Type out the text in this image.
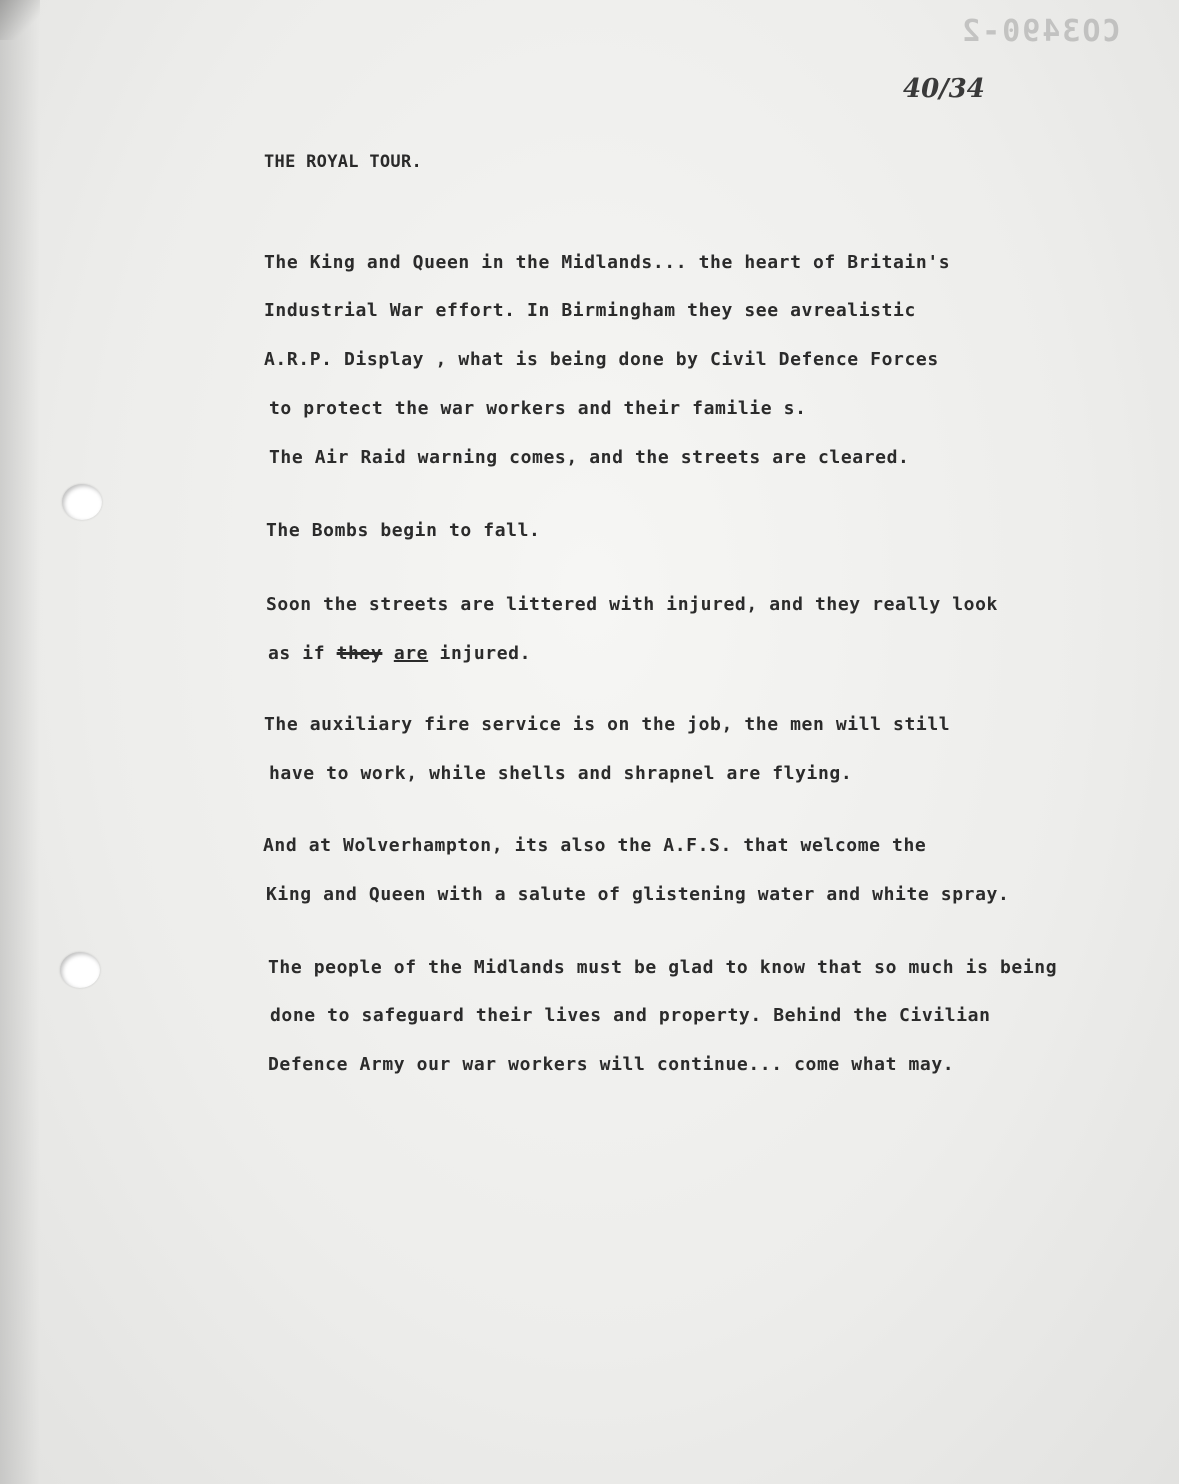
CO3490-2
40/34
THE ROYAL TOUR.
The King and Queen in the Midlands... the heart of Britain's
Industrial War effort. In Birmingham they see avrealistic
A.R.P. Display , what is being done by Civil Defence Forces
to protect the war workers and their familie s.
The Air Raid warning comes, and the streets are cleared.
The Bombs begin to fall.
Soon the streets are littered with injured, and they really look
as if they are injured.
The auxiliary fire service is on the job, the men will still
have to work, while shells and shrapnel are flying.
And at Wolverhampton, its also the A.F.S. that welcome the
King and Queen with a salute of glistening water and white spray.
The people of the Midlands must be glad to know that so much is being
done to safeguard their lives and property. Behind the Civilian
Defence Army our war workers will continue... come what may.
